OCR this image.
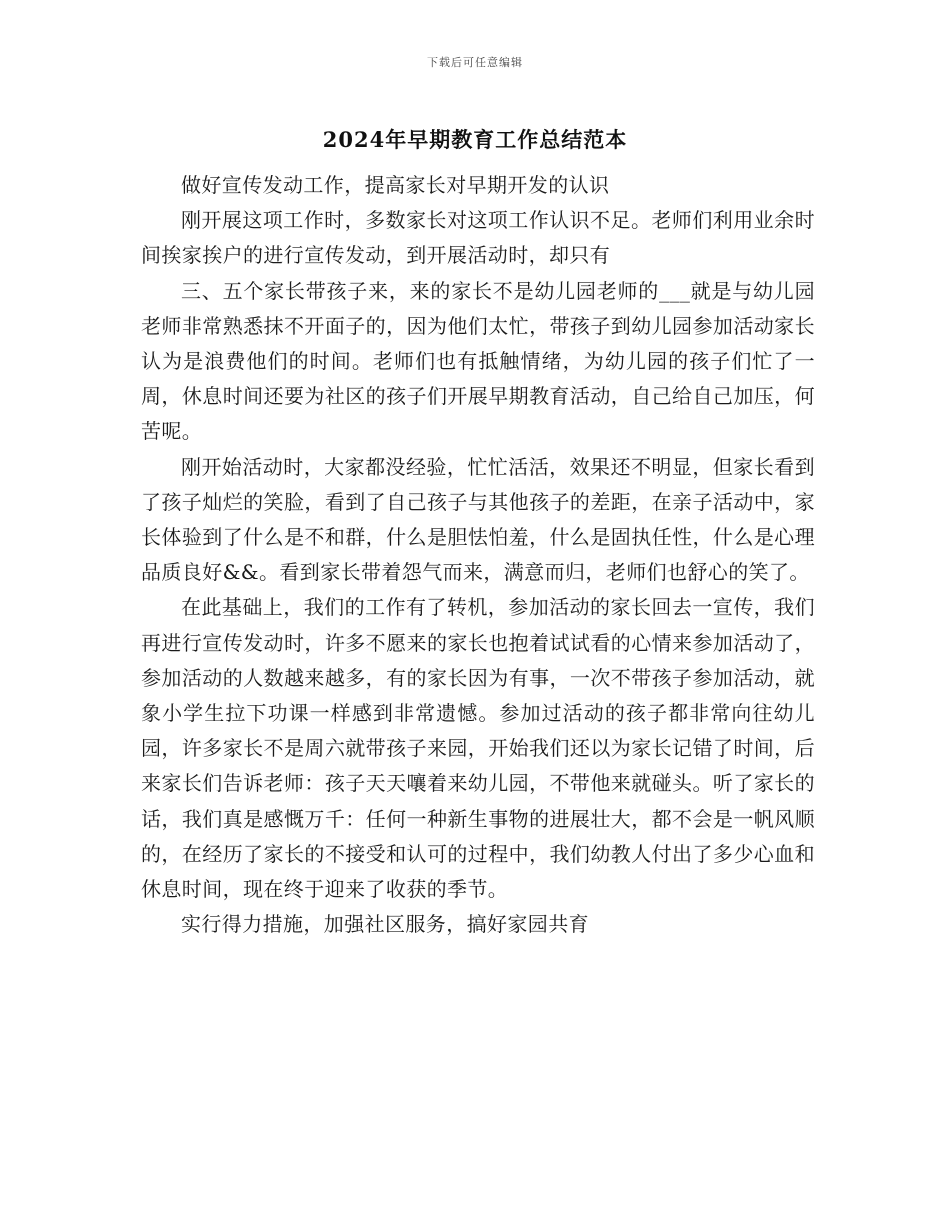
下载后可任意编辑
2024年早期教育工作总结范本

做好宣传发动工作，提高家长对早期开发的认识

刚开展这项工作时，多数家长对这项工作认识不足。老师们利用业余时间挨家挨户的进行宣传发动，到开展活动时，却只有

三、五个家长带孩子来，来的家长不是幼儿园老师的___就是与幼儿园老师非常熟悉抹不开面子的，因为他们太忙，带孩子到幼儿园参加活动家长认为是浪费他们的时间。老师们也有抵触情绪，为幼儿园的孩子们忙了一周，休息时间还要为社区的孩子们开展早期教育活动，自己给自己加压，何苦呢。

刚开始活动时，大家都没经验，忙忙活活，效果还不明显，但家长看到了孩子灿烂的笑脸，看到了自己孩子与其他孩子的差距，在亲子活动中，家长体验到了什么是不和群，什么是胆怯怕羞，什么是固执任性，什么是心理品质良好&&。看到家长带着怨气而来，满意而归，老师们也舒心的笑了。

在此基础上，我们的工作有了转机，参加活动的家长回去一宣传，我们再进行宣传发动时，许多不愿来的家长也抱着试试看的心情来参加活动了，参加活动的人数越来越多，有的家长因为有事，一次不带孩子参加活动，就象小学生拉下功课一样感到非常遗憾。参加过活动的孩子都非常向往幼儿园，许多家长不是周六就带孩子来园，开始我们还以为家长记错了时间，后来家长们告诉老师：孩子天天嚷着来幼儿园，不带他来就碰头。听了家长的话，我们真是感慨万千：任何一种新生事物的进展壮大，都不会是一帆风顺的，在经历了家长的不接受和认可的过程中，我们幼教人付出了多少心血和休息时间，现在终于迎来了收获的季节。

实行得力措施，加强社区服务，搞好家园共育
